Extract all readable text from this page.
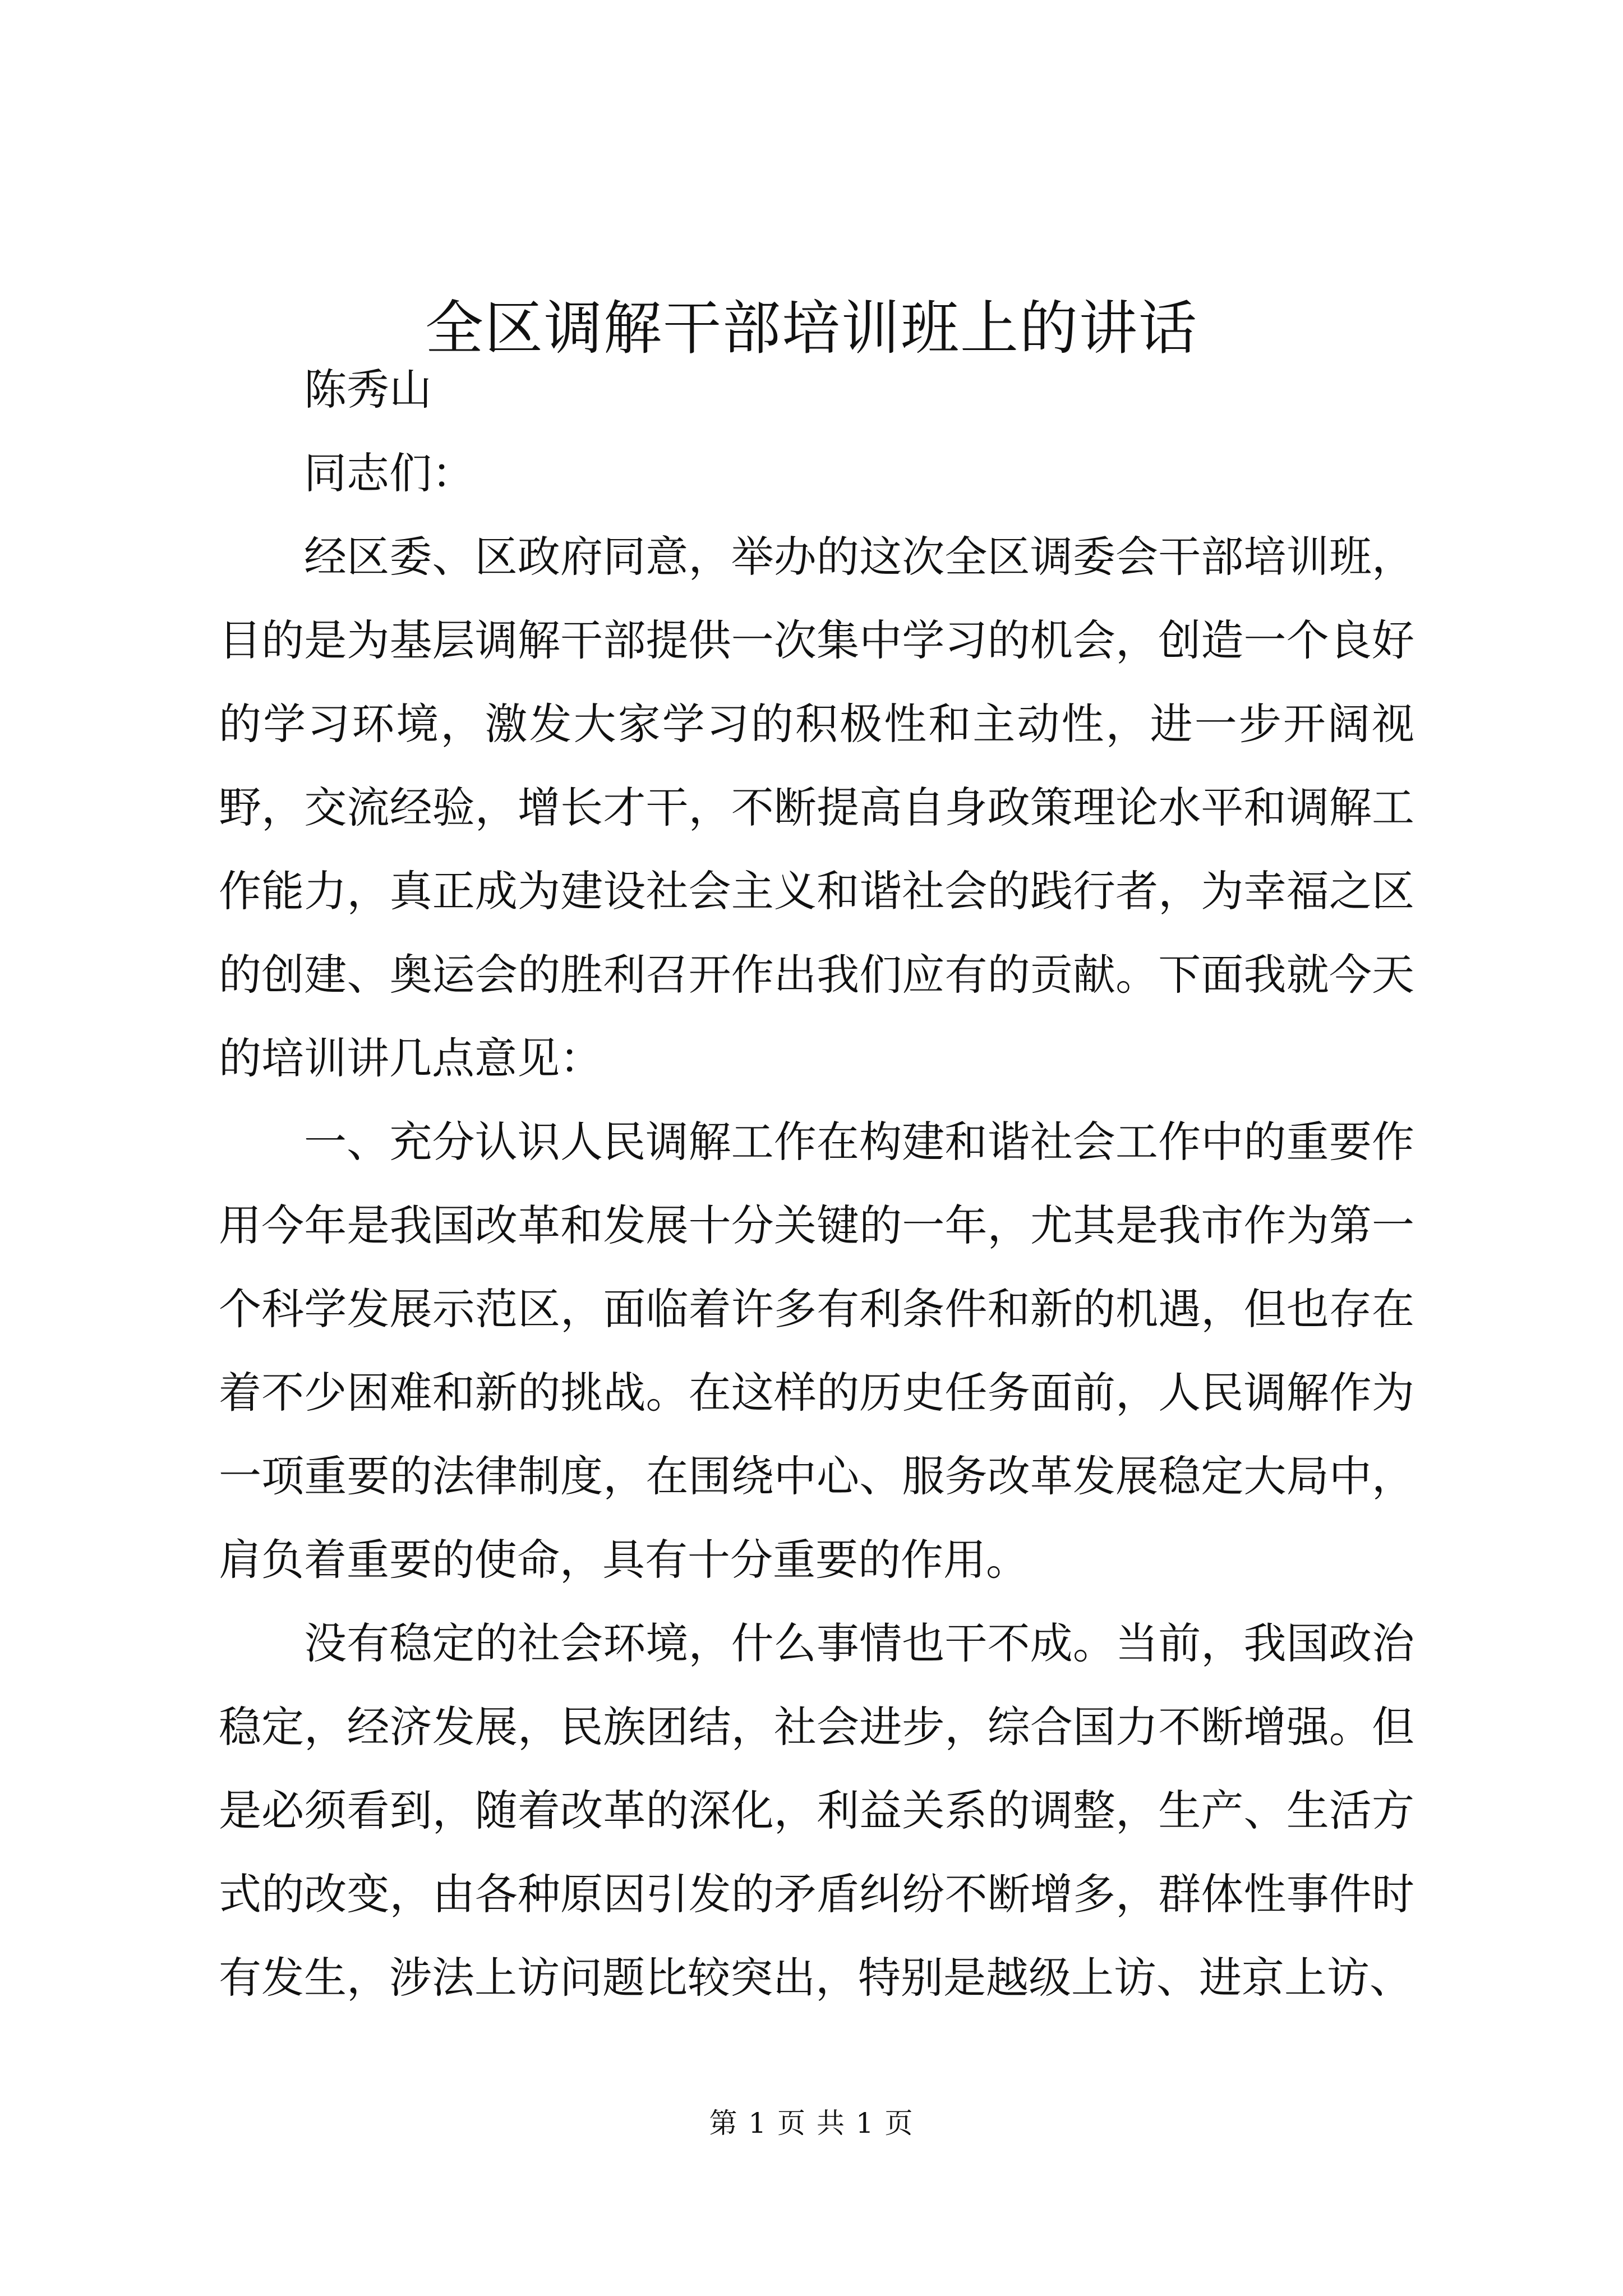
全区调解干部培训班上的讲话

陈秀山

同志们：

经区委、区政府同意，举办的这次全区调委会干部培训班，目的是为基层调解干部提供一次集中学习的机会，创造一个良好的学习环境，激发大家学习的积极性和主动性，进一步开阔视野，交流经验，增长才干，不断提高自身政策理论水平和调解工作能力，真正成为建设社会主义和谐社会的践行者，为幸福之区的创建、奥运会的胜利召开作出我们应有的贡献。下面我就今天的培训讲几点意见：

一、充分认识人民调解工作在构建和谐社会工作中的重要作用今年是我国改革和发展十分关键的一年，尤其是我市作为第一个科学发展示范区，面临着许多有利条件和新的机遇，但也存在着不少困难和新的挑战。在这样的历史任务面前，人民调解作为一项重要的法律制度，在围绕中心、服务改革发展稳定大局中，肩负着重要的使命，具有十分重要的作用。

没有稳定的社会环境，什么事情也干不成。当前，我国政治稳定，经济发展，民族团结，社会进步，综合国力不断增强。但是必须看到，随着改革的深化，利益关系的调整，生产、生活方式的改变，由各种原因引发的矛盾纠纷不断增多，群体性事件时有发生，涉法上访问题比较突出，特别是越级上访、进京上访、

第 1 页 共 1 页
